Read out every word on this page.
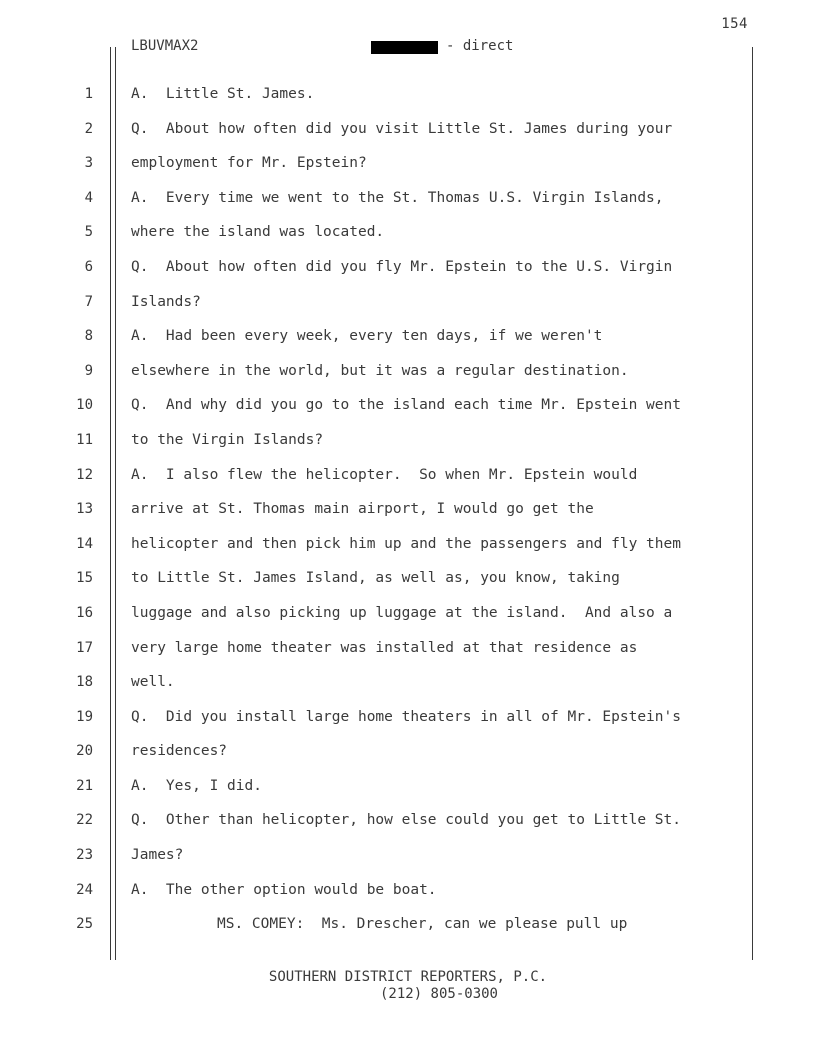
154
LBUVMAX2	- direct
1	A.  Little St. James.
2	Q.  About how often did you visit Little St. James during your
3	employment for Mr. Epstein?
4	A.  Every time we went to the St. Thomas U.S. Virgin Islands,
5	where the island was located.
6	Q.  About how often did you fly Mr. Epstein to the U.S. Virgin
7	Islands?
8	A.  Had been every week, every ten days, if we weren't
9	elsewhere in the world, but it was a regular destination.
10	Q.  And why did you go to the island each time Mr. Epstein went
11	to the Virgin Islands?
12	A.  I also flew the helicopter.  So when Mr. Epstein would
13	arrive at St. Thomas main airport, I would go get the
14	helicopter and then pick him up and the passengers and fly them
15	to Little St. James Island, as well as, you know, taking
16	luggage and also picking up luggage at the island.  And also a
17	very large home theater was installed at that residence as
18	well.
19	Q.  Did you install large home theaters in all of Mr. Epstein's
20	residences?
21	A.  Yes, I did.
22	Q.  Other than helicopter, how else could you get to Little St.
23	James?
24	A.  The other option would be boat.
25	MS. COMEY:  Ms. Drescher, can we please pull up
SOUTHERN DISTRICT REPORTERS, P.C.
(212) 805-0300
